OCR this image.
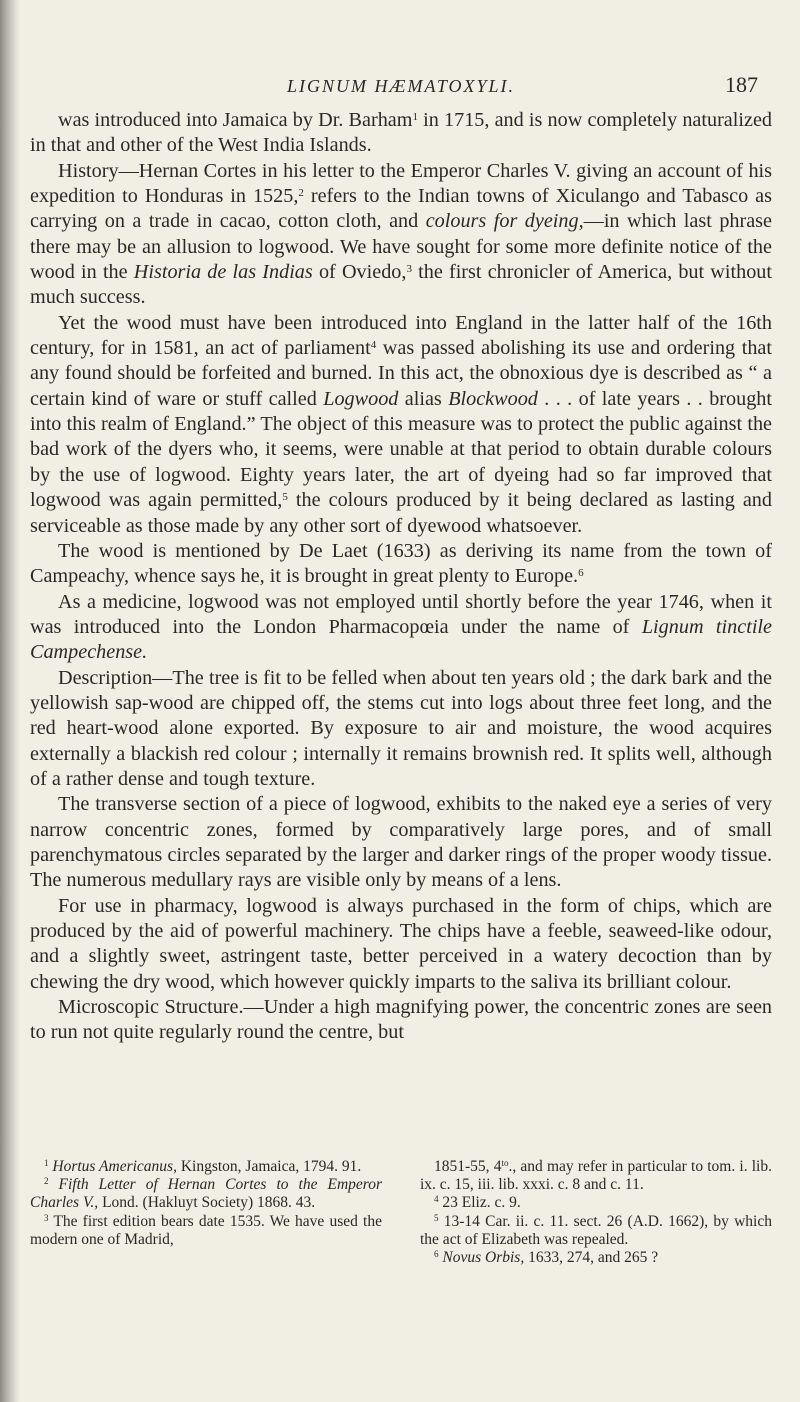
LIGNUM HÆMATOXYLI.	187

was introduced into Jamaica by Dr. Barham$^1$ in 1715, and is now completely naturalized in that and other of the West India Islands.

History—Hernan Cortes in his letter to the Emperor Charles V. giving an account of his expedition to Honduras in 1525,$^2$ refers to the Indian towns of Xiculango and Tabasco as carrying on a trade in cacao, cotton cloth, and colours for dyeing,—in which last phrase there may be an allusion to logwood. We have sought for some more definite notice of the wood in the Historia de las Indias of Oviedo,$^3$ the first chronicler of America, but without much success.

Yet the wood must have been introduced into England in the latter half of the 16th century, for in 1581, an act of parliament$^4$ was passed abolishing its use and ordering that any found should be forfeited and burned. In this act, the obnoxious dye is described as “ a certain kind of ware or stuff called Logwood alias Blockwood . . . of late years . . brought into this realm of England.” The object of this measure was to protect the public against the bad work of the dyers who, it seems, were unable at that period to obtain durable colours by the use of logwood. Eighty years later, the art of dyeing had so far improved that logwood was again permitted,$^5$ the colours produced by it being declared as lasting and serviceable as those made by any other sort of dyewood whatsoever.

The wood is mentioned by De Laet (1633) as deriving its name from the town of Campeachy, whence says he, it is brought in great plenty to Europe.$^6$

As a medicine, logwood was not employed until shortly before the year 1746, when it was introduced into the London Pharmacopœia under the name of Lignum tinctile Campechense.

Description—The tree is fit to be felled when about ten years old ; the dark bark and the yellowish sap-wood are chipped off, the stems cut into logs about three feet long, and the red heart-wood alone exported. By exposure to air and moisture, the wood acquires externally a blackish red colour ; internally it remains brownish red. It splits well, although of a rather dense and tough texture.

The transverse section of a piece of logwood, exhibits to the naked eye a series of very narrow concentric zones, formed by comparatively large pores, and of small parenchymatous circles separated by the larger and darker rings of the proper woody tissue. The numerous medullary rays are visible only by means of a lens.

For use in pharmacy, logwood is always purchased in the form of chips, which are produced by the aid of powerful machinery. The chips have a feeble, seaweed-like odour, and a slightly sweet, astringent taste, better perceived in a watery decoction than by chewing the dry wood, which however quickly imparts to the saliva its brilliant colour.

Microscopic Structure.—Under a high magnifying power, the concentric zones are seen to run not quite regularly round the centre, but

$^1$ Hortus Americanus, Kingston, Jamaica, 1794. 91.

$^2$ Fifth Letter of Hernan Cortes to the Emperor Charles V., Lond. (Hakluyt Society) 1868. 43.

$^3$ The first edition bears date 1535. We have used the modern one of Madrid,

1851-55, $4^{to}$., and may refer in particular to tom. i. lib. ix. c. 15, iii. lib. xxxi. c. 8 and c. 11.

$^4$ 23 Eliz. c. 9.

$^5$ 13-14 Car. ii. c. 11. sect. 26 (A.D. 1662), by which the act of Elizabeth was repealed.

$^6$ Novus Orbis, 1633, 274, and 265 ?
